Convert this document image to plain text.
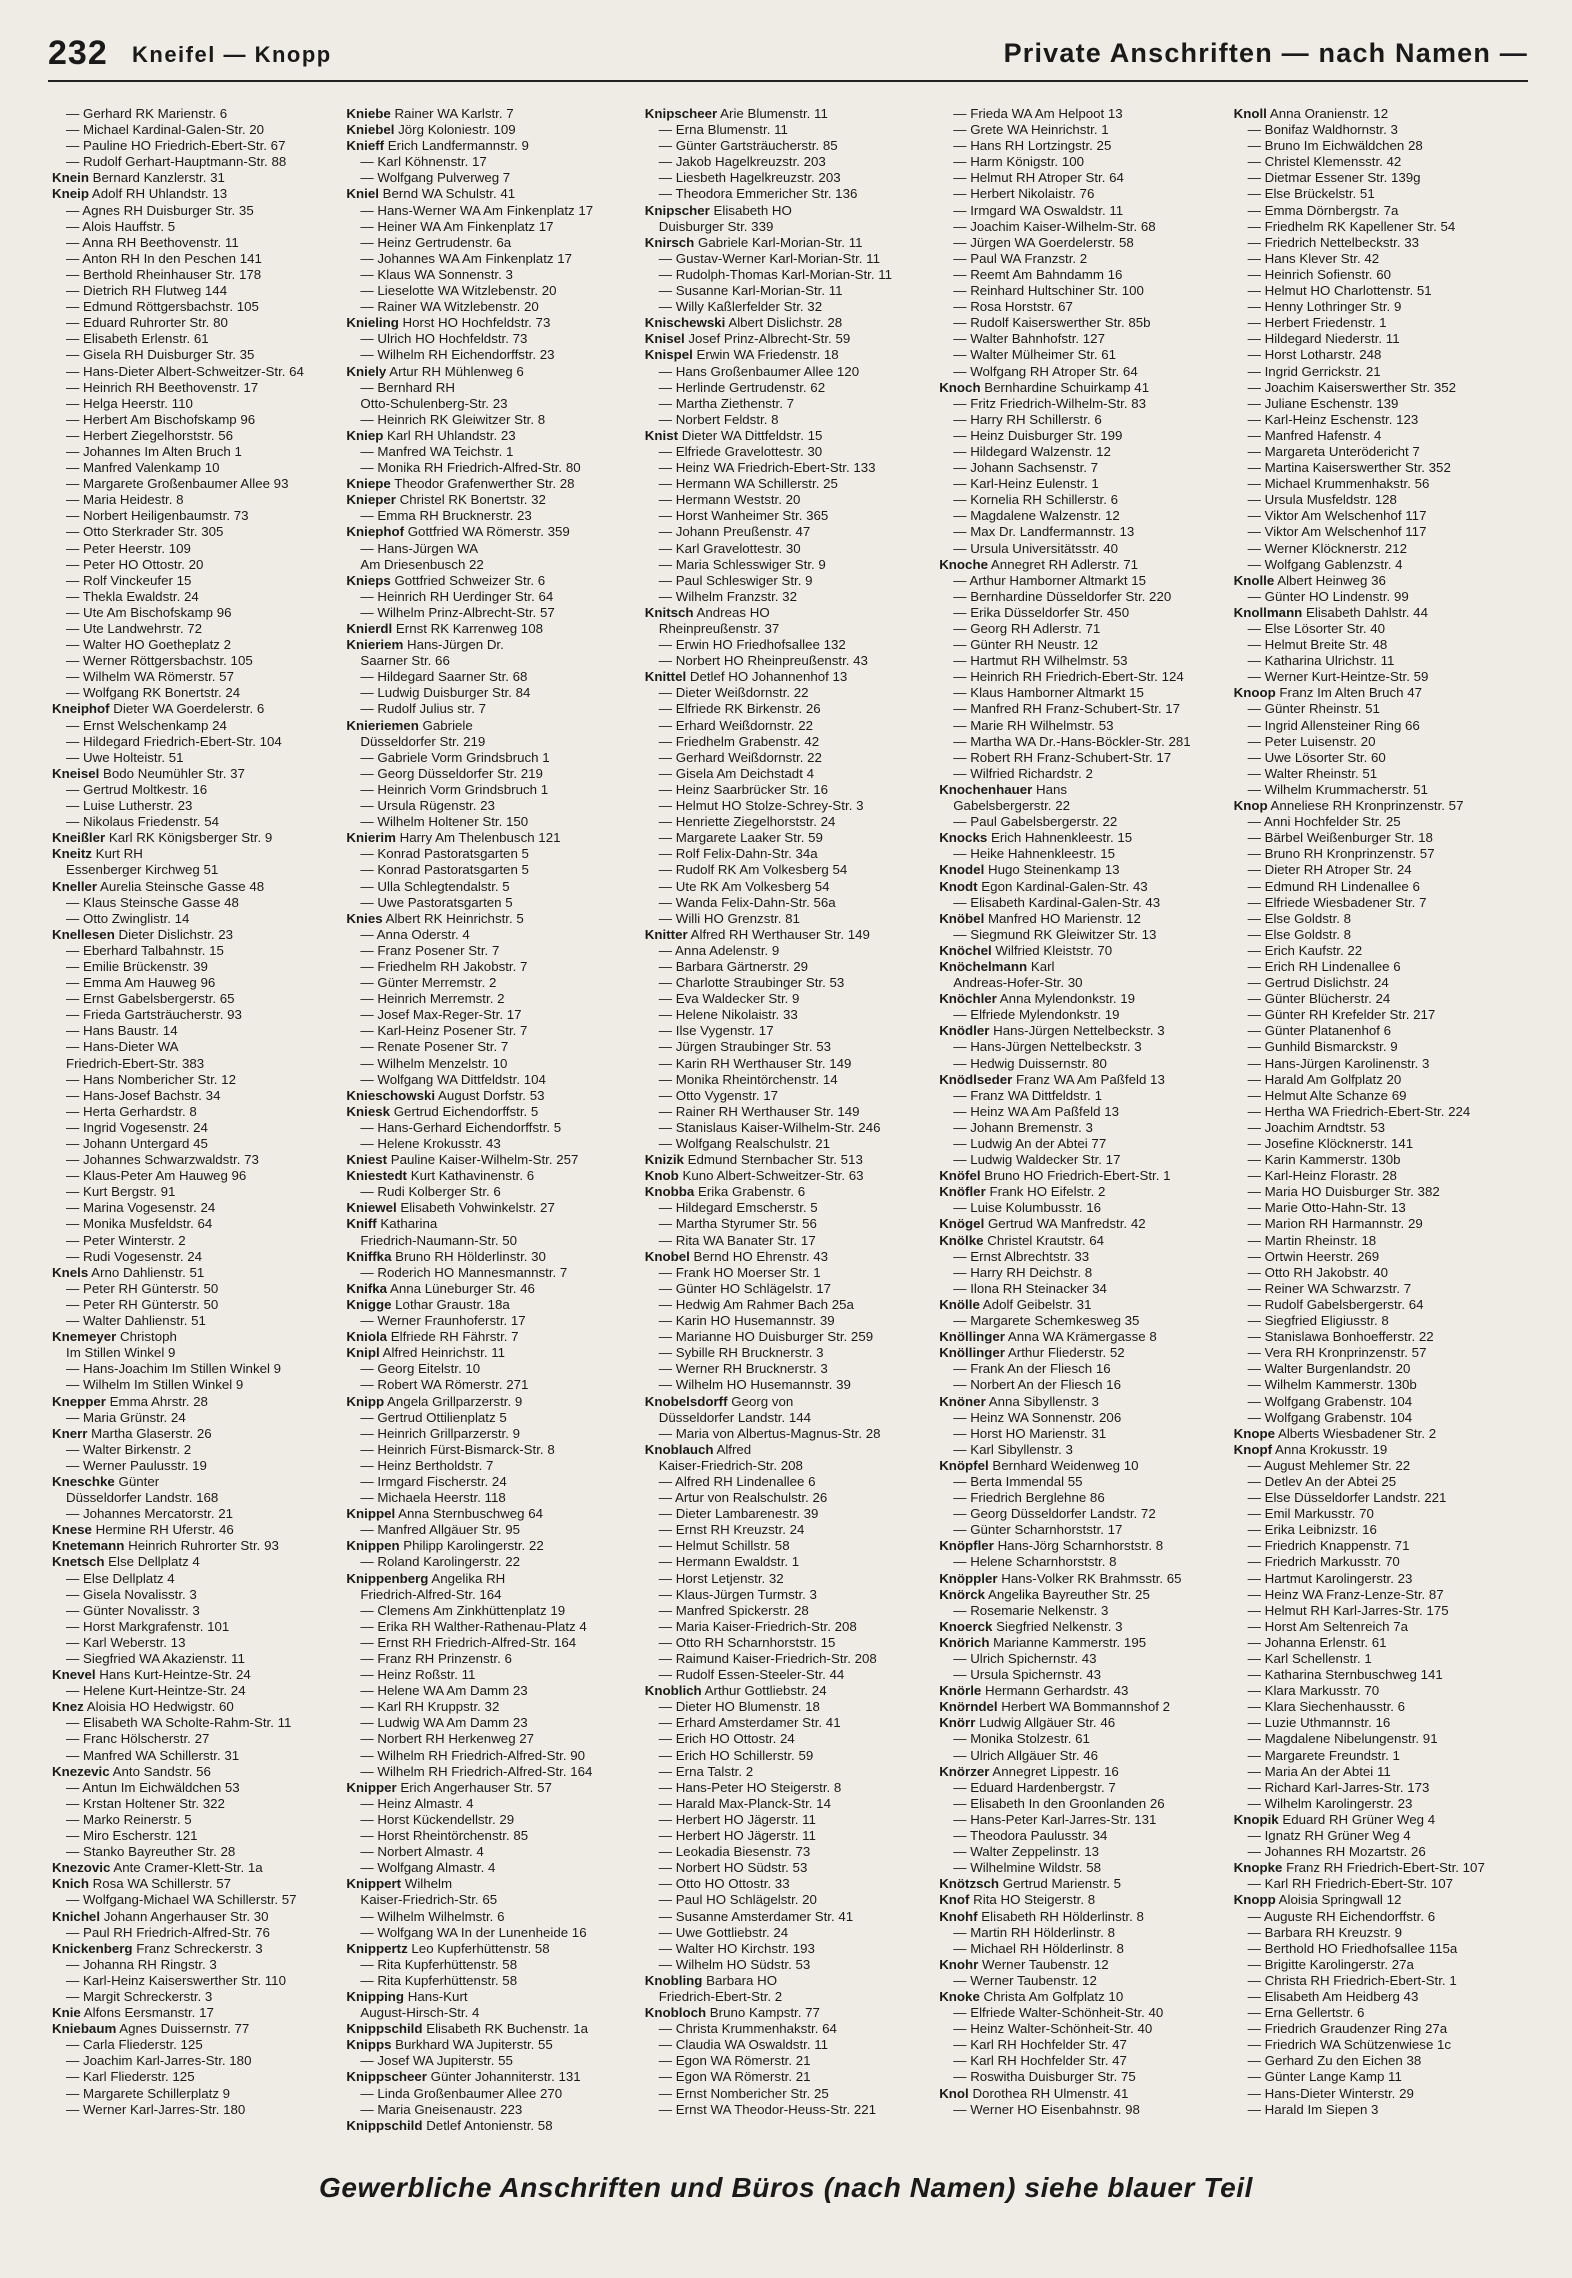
232 Kneifel — Knopp	Private Anschriften — nach Namen —
— Gerhard RK Marienstr. 6
— Michael Kardinal-Galen-Str. 20
— Pauline HO Friedrich-Ebert-Str. 67
— Rudolf Gerhart-Hauptmann-Str. 88
Knein Bernard Kanzlerstr. 31
Kneip Adolf RH Uhlandstr. 13
— Agnes RH Duisburger Str. 35
— Alois Hauffstr. 5
— Anna RH Beethovenstr. 11
— Anton RH In den Peschen 141
— Berthold Rheinhauser Str. 178
— Dietrich RH Flutweg 144
— Edmund Röttgersbachstr. 105
— Eduard Ruhrorter Str. 80
— Elisabeth Erlenstr. 61
— Gisela RH Duisburger Str. 35
— Hans-Dieter Albert-Schweitzer-Str. 64
— Heinrich RH Beethovenstr. 17
— Helga Heerstr. 110
— Herbert Am Bischofskamp 96
— Herbert Ziegelhorststr. 56
— Johannes Im Alten Bruch 1
— Manfred Valenkamp 10
— Margarete Großenbaumer Allee 93
— Maria Heidestr. 8
— Norbert Heiligenbaumstr. 73
— Otto Sterkrader Str. 305
— Peter Heerstr. 109
— Peter HO Ottostr. 20
— Rolf Vinckeufer 15
— Thekla Ewaldstr. 24
— Ute Am Bischofskamp 96
— Ute Landwehrstr. 72
— Walter HO Goetheplatz 2
— Werner Röttgersbachstr. 105
— Wilhelm WA Römerstr. 57
— Wolfgang RK Bonertstr. 24
Kneiphof Dieter WA Goerdelerstr. 6
— Ernst Welschenkamp 24
— Hildegard Friedrich-Ebert-Str. 104
— Uwe Holteistr. 51
Kneisel Bodo Neumühler Str. 37
— Gertrud Moltkestr. 16
— Luise Lutherstr. 23
— Nikolaus Friedenstr. 54
Kneißler Karl RK Königsberger Str. 9
Kneitz Kurt RH
Essenberger Kirchweg 51
Kneller Aurelia Steinsche Gasse 48
— Klaus Steinsche Gasse 48
— Otto Zwinglistr. 14
Knellesen Dieter Dislichstr. 23
— Eberhard Talbahnstr. 15
— Emilie Brückenstr. 39
— Emma Am Hauweg 96
— Ernst Gabelsbergerstr. 65
— Frieda Gartsträucherstr. 93
— Hans Baustr. 14
— Hans-Dieter WA
Friedrich-Ebert-Str. 383
— Hans Nombericher Str. 12
— Hans-Josef Bachstr. 34
— Herta Gerhardstr. 8
— Ingrid Vogesenstr. 24
— Johann Untergard 45
— Johannes Schwarzwaldstr. 73
— Klaus-Peter Am Hauweg 96
— Kurt Bergstr. 91
— Marina Vogesenstr. 24
— Monika Musfeldstr. 64
— Peter Winterstr. 2
— Rudi Vogesenstr. 24
Knels Arno Dahlienstr. 51
— Peter RH Günterstr. 50
— Peter RH Günterstr. 50
— Walter Dahlienstr. 51
Knemeyer Christoph
Im Stillen Winkel 9
— Hans-Joachim Im Stillen Winkel 9
— Wilhelm Im Stillen Winkel 9
Knepper Emma Ahrstr. 28
— Maria Grünstr. 24
Knerr Martha Glaserstr. 26
— Walter Birkenstr. 2
— Werner Paulusstr. 19
Kneschke Günter
Düsseldorfer Landstr. 168
— Johannes Mercatorstr. 21
Knese Hermine RH Uferstr. 46
Knetemann Heinrich Ruhrorter Str. 93
Knetsch Else Dellplatz 4
— Else Dellplatz 4
— Gisela Novalisstr. 3
— Günter Novalisstr. 3
— Horst Markgrafenstr. 101
— Karl Weberstr. 13
— Siegfried WA Akazienstr. 11
Knevel Hans Kurt-Heintze-Str. 24
— Helene Kurt-Heintze-Str. 24
Knez Aloisia HO Hedwigstr. 60
— Elisabeth WA Scholte-Rahm-Str. 11
— Franc Hölscherstr. 27
— Manfred WA Schillerstr. 31
Knezevic Anto Sandstr. 56
— Antun Im Eichwäldchen 53
— Krstan Holtener Str. 322
— Marko Reinerstr. 5
— Miro Escherstr. 121
— Stanko Bayreuther Str. 28
Knezovic Ante Cramer-Klett-Str. 1a
Knich Rosa WA Schillerstr. 57
— Wolfgang-Michael WA Schillerstr. 57
Knichel Johann Angerhauser Str. 30
— Paul RH Friedrich-Alfred-Str. 76
Knickenberg Franz Schreckerstr. 3
— Johanna RH Ringstr. 3
— Karl-Heinz Kaiserswerther Str. 110
— Margit Schreckerstr. 3
Knie Alfons Eersmanstr. 17
Kniebaum Agnes Duissernstr. 77
— Carla Fliederstr. 125
— Joachim Karl-Jarres-Str. 180
— Karl Fliederstr. 125
— Margarete Schillerplatz 9
— Werner Karl-Jarres-Str. 180
Kniebe Rainer WA Karlstr. 7
Kniebel Jörg Koloniestr. 109
Knieff Erich Landfermannstr. 9
— Karl Köhnenstr. 17
— Wolfgang Pulverweg 7
Kniel Bernd WA Schulstr. 41
— Hans-Werner WA Am Finkenplatz 17
— Heiner WA Am Finkenplatz 17
— Heinz Gertrudenstr. 6a
— Johannes WA Am Finkenplatz 17
— Klaus WA Sonnenstr. 3
— Lieselotte WA Witzlebenstr. 20
— Rainer WA Witzlebenstr. 20
Knieling Horst HO Hochfeldstr. 73
— Ulrich HO Hochfeldstr. 73
— Wilhelm RH Eichendorffstr. 23
Kniely Artur RH Mühlenweg 6
— Bernhard RH
Otto-Schulenberg-Str. 23
— Heinrich RK Gleiwitzer Str. 8
Kniep Karl RH Uhlandstr. 23
— Manfred WA Teichstr. 1
— Monika RH Friedrich-Alfred-Str. 80
Kniepe Theodor Grafenwerther Str. 28
Knieper Christel RK Bonertstr. 32
— Emma RH Brucknerstr. 23
Kniephof Gottfried WA Römerstr. 359
— Hans-Jürgen WA
Am Driesenbusch 22
Knieps Gottfried Schweizer Str. 6
— Heinrich RH Uerdinger Str. 64
— Wilhelm Prinz-Albrecht-Str. 57
Knierdl Ernst RK Karrenweg 108
Knieriem Hans-Jürgen Dr.
Saarner Str. 66
— Hildegard Saarner Str. 68
— Ludwig Duisburger Str. 84
— Rudolf Julius str. 7
Knieriemen Gabriele
Düsseldorfer Str. 219
— Gabriele Vorm Grindsbruch 1
— Georg Düsseldorfer Str. 219
— Heinrich Vorm Grindsbruch 1
— Ursula Rügenstr. 23
— Wilhelm Holtener Str. 150
Knierim Harry Am Thelenbusch 121
— Konrad Pastoratsgarten 5
— Konrad Pastoratsgarten 5
— Ulla Schlegtendalstr. 5
— Uwe Pastoratsgarten 5
Knies Albert RK Heinrichstr. 5
— Anna Oderstr. 4
— Franz Posener Str. 7
— Friedhelm RH Jakobstr. 7
— Günter Merremstr. 2
— Heinrich Merremstr. 2
— Josef Max-Reger-Str. 17
— Karl-Heinz Posener Str. 7
— Renate Posener Str. 7
— Wilhelm Menzelstr. 10
— Wolfgang WA Dittfeldstr. 104
Knieschowski August Dorfstr. 53
Kniesk Gertrud Eichendorffstr. 5
— Hans-Gerhard Eichendorffstr. 5
— Helene Krokusstr. 43
Kniest Pauline Kaiser-Wilhelm-Str. 257
Kniestedt Kurt Kathavinenstr. 6
— Rudi Kolberger Str. 6
Kniewel Elisabeth Vohwinkelstr. 27
Kniff Katharina
Friedrich-Naumann-Str. 50
Kniffka Bruno RH Hölderlinstr. 30
— Roderich HO Mannesmannstr. 7
Knifka Anna Lüneburger Str. 46
Knigge Lothar Graustr. 18a
— Werner Fraunhoferstr. 17
Kniola Elfriede RH Fährstr. 7
Knipl Alfred Heinrichstr. 11
— Georg Eitelstr. 10
— Robert WA Römerstr. 271
Knipp Angela Grillparzerstr. 9
— Gertrud Ottilienplatz 5
— Heinrich Grillparzerstr. 9
— Heinrich Fürst-Bismarck-Str. 8
— Heinz Bertholdstr. 7
— Irmgard Fischerstr. 24
— Michaela Heerstr. 118
Knippel Anna Sternbuschweg 64
— Manfred Allgäuer Str. 95
Knippen Philipp Karolingerstr. 22
— Roland Karolingerstr. 22
Knippenberg Angelika RH
Friedrich-Alfred-Str. 164
— Clemens Am Zinkhüttenplatz 19
— Erika RH Walther-Rathenau-Platz 4
— Ernst RH Friedrich-Alfred-Str. 164
— Franz RH Prinzenstr. 6
— Heinz Roßstr. 11
— Helene WA Am Damm 23
— Karl RH Kruppstr. 32
— Ludwig WA Am Damm 23
— Norbert RH Herkenweg 27
— Wilhelm RH Friedrich-Alfred-Str. 90
— Wilhelm RH Friedrich-Alfred-Str. 164
Knipper Erich Angerhauser Str. 57
— Heinz Almastr. 4
— Horst Kückendellstr. 29
— Horst Rheintörchenstr. 85
— Norbert Almastr. 4
— Wolfgang Almastr. 4
Knippert Wilhelm
Kaiser-Friedrich-Str. 65
— Wilhelm Wilhelmstr. 6
— Wolfgang WA In der Lunenheide 16
Knippertz Leo Kupferhüttenstr. 58
— Rita Kupferhüttenstr. 58
— Rita Kupferhüttenstr. 58
Knipping Hans-Kurt
August-Hirsch-Str. 4
Knippschild Elisabeth RK Buchenstr. 1a
Knipps Burkhard WA Jupiterstr. 55
— Josef WA Jupiterstr. 55
Knippscheer Günter Johanniterstr. 131
— Linda Großenbaumer Allee 270
— Maria Gneisenaustr. 223
Knippschild Detlef Antonienstr. 58
Knipscheer Arie Blumenstr. 11
— Erna Blumenstr. 11
— Günter Gartsträucherstr. 85
— Jakob Hagelkreuzstr. 203
— Liesbeth Hagelkreuzstr. 203
— Theodora Emmericher Str. 136
Knipscher Elisabeth HO
Duisburger Str. 339
Knirsch Gabriele Karl-Morian-Str. 11
— Gustav-Werner Karl-Morian-Str. 11
— Rudolph-Thomas Karl-Morian-Str. 11
— Susanne Karl-Morian-Str. 11
— Willy Kaßlerfelder Str. 32
Knischewski Albert Dislichstr. 28
Knisel Josef Prinz-Albrecht-Str. 59
Knispel Erwin WA Friedenstr. 18
— Hans Großenbaumer Allee 120
— Herlinde Gertrudenstr. 62
— Martha Ziethenstr. 7
— Norbert Feldstr. 8
Knist Dieter WA Dittfeldstr. 15
— Elfriede Gravelottestr. 30
— Heinz WA Friedrich-Ebert-Str. 133
— Hermann WA Schillerstr. 25
— Hermann Weststr. 20
— Horst Wanheimer Str. 365
— Johann Preußenstr. 47
— Karl Gravelottestr. 30
— Maria Schlesswiger Str. 9
— Paul Schleswiger Str. 9
— Wilhelm Franzstr. 32
Knitsch Andreas HO
Rheinpreußenstr. 37
— Erwin HO Friedhofsallee 132
— Norbert HO Rheinpreußenstr. 43
Knittel Detlef HO Johannenhof 13
— Dieter Weißdornstr. 22
— Elfriede RK Birkenstr. 26
— Erhard Weißdornstr. 22
— Friedhelm Grabenstr. 42
— Gerhard Weißdornstr. 22
— Gisela Am Deichstadt 4
— Heinz Saarbrücker Str. 16
— Helmut HO Stolze-Schrey-Str. 3
— Henriette Ziegelhorststr. 24
— Margarete Laaker Str. 59
— Rolf Felix-Dahn-Str. 34a
— Rudolf RK Am Volkesberg 54
— Ute RK Am Volkesberg 54
— Wanda Felix-Dahn-Str. 56a
— Willi HO Grenzstr. 81
Knitter Alfred RH Werthauser Str. 149
— Anna Adelenstr. 9
— Barbara Gärtnerstr. 29
— Charlotte Straubinger Str. 53
— Eva Waldecker Str. 9
— Helene Nikolaistr. 33
— Ilse Vygenstr. 17
— Jürgen Straubinger Str. 53
— Karin RH Werthauser Str. 149
— Monika Rheintörchenstr. 14
— Otto Vygenstr. 17
— Rainer RH Werthauser Str. 149
— Stanislaus Kaiser-Wilhelm-Str. 246
— Wolfgang Realschulstr. 21
Knizik Edmund Sternbacher Str. 513
Knob Kuno Albert-Schweitzer-Str. 63
Knobba Erika Grabenstr. 6
— Hildegard Emscherstr. 5
— Martha Styrumer Str. 56
— Rita WA Banater Str. 17
Knobel Bernd HO Ehrenstr. 43
— Frank HO Moerser Str. 1
— Günter HO Schlägelstr. 17
— Hedwig Am Rahmer Bach 25a
— Karin HO Husemannstr. 39
— Marianne HO Duisburger Str. 259
— Sybille RH Brucknerstr. 3
— Werner RH Brucknerstr. 3
— Wilhelm HO Husemannstr. 39
Knobelsdorff Georg von
Düsseldorfer Landstr. 144
— Maria von Albertus-Magnus-Str. 28
Knoblauch Alfred
Kaiser-Friedrich-Str. 208
— Alfred RH Lindenallee 6
— Artur von Realschulstr. 26
— Dieter Lambarenestr. 39
— Ernst RH Kreuzstr. 24
— Helmut Schillstr. 58
— Hermann Ewaldstr. 1
— Horst Letjenstr. 32
— Klaus-Jürgen Turmstr. 3
— Manfred Spickerstr. 28
— Maria Kaiser-Friedrich-Str. 208
— Otto RH Scharnhorststr. 15
— Raimund Kaiser-Friedrich-Str. 208
— Rudolf Essen-Steeler-Str. 44
Knoblich Arthur Gottliebstr. 24
— Dieter HO Blumenstr. 18
— Erhard Amsterdamer Str. 41
— Erich HO Ottostr. 24
— Erich HO Schillerstr. 59
— Erna Talstr. 2
— Hans-Peter HO Steigerstr. 8
— Harald Max-Planck-Str. 14
— Herbert HO Jägerstr. 11
— Herbert HO Jägerstr. 11
— Leokadia Biesenstr. 73
— Norbert HO Südstr. 53
— Otto HO Ottostr. 33
— Paul HO Schlägelstr. 20
— Susanne Amsterdamer Str. 41
— Uwe Gottliebstr. 24
— Walter HO Kirchstr. 193
— Wilhelm HO Südstr. 53
Knobling Barbara HO
Friedrich-Ebert-Str. 2
Knobloch Bruno Kampstr. 77
— Christa Krummenhakstr. 64
— Claudia WA Oswaldstr. 11
— Egon WA Römerstr. 21
— Egon WA Römerstr. 21
— Ernst Nombericher Str. 25
— Ernst WA Theodor-Heuss-Str. 221
— Frieda WA Am Helpoot 13
— Grete WA Heinrichstr. 1
— Hans RH Lortzingstr. 25
— Harm Königstr. 100
— Helmut RH Atroper Str. 64
— Herbert Nikolaistr. 76
— Irmgard WA Oswaldstr. 11
— Joachim Kaiser-Wilhelm-Str. 68
— Jürgen WA Goerdelerstr. 58
— Paul WA Franzstr. 2
— Reemt Am Bahndamm 16
— Reinhard Hultschiner Str. 100
— Rosa Horststr. 67
— Rudolf Kaiserswerther Str. 85b
— Walter Bahnhofstr. 127
— Walter Mülheimer Str. 61
— Wolfgang RH Atroper Str. 64
Knoch Bernhardine Schuirkamp 41
— Fritz Friedrich-Wilhelm-Str. 83
— Harry RH Schillerstr. 6
— Heinz Duisburger Str. 199
— Hildegard Walzenstr. 12
— Johann Sachsenstr. 7
— Karl-Heinz Eulenstr. 1
— Kornelia RH Schillerstr. 6
— Magdalene Walzenstr. 12
— Max Dr. Landfermannstr. 13
— Ursula Universitätsstr. 40
Knoche Annegret RH Adlerstr. 71
— Arthur Hamborner Altmarkt 15
— Bernhardine Düsseldorfer Str. 220
— Erika Düsseldorfer Str. 450
— Georg RH Adlerstr. 71
— Günter RH Neustr. 12
— Hartmut RH Wilhelmstr. 53
— Heinrich RH Friedrich-Ebert-Str. 124
— Klaus Hamborner Altmarkt 15
— Manfred RH Franz-Schubert-Str. 17
— Marie RH Wilhelmstr. 53
— Martha WA Dr.-Hans-Böckler-Str. 281
— Robert RH Franz-Schubert-Str. 17
— Wilfried Richardstr. 2
Knochenhauer Hans
Gabelsbergerstr. 22
— Paul Gabelsbergerstr. 22
Knocks Erich Hahnenkleestr. 15
— Heike Hahnenkleestr. 15
Knodel Hugo Steinenkamp 13
Knodt Egon Kardinal-Galen-Str. 43
— Elisabeth Kardinal-Galen-Str. 43
Knöbel Manfred HO Marienstr. 12
— Siegmund RK Gleiwitzer Str. 13
Knöchel Wilfried Kleiststr. 70
Knöchelmann Karl
Andreas-Hofer-Str. 30
Knöchler Anna Mylendonkstr. 19
— Elfriede Mylendonkstr. 19
Knödler Hans-Jürgen Nettelbeckstr. 3
— Hans-Jürgen Nettelbeckstr. 3
— Hedwig Duissernstr. 80
Knödlseder Franz WA Am Paßfeld 13
— Franz WA Dittfeldstr. 1
— Heinz WA Am Paßfeld 13
— Johann Bremenstr. 3
— Ludwig An der Abtei 77
— Ludwig Waldecker Str. 17
Knöfel Bruno HO Friedrich-Ebert-Str. 1
Knöfler Frank HO Eifelstr. 2
— Luise Kolumbusstr. 16
Knögel Gertrud WA Manfredstr. 42
Knölke Christel Krautstr. 64
— Ernst Albrechtstr. 33
— Harry RH Deichstr. 8
— Ilona RH Steinacker 34
Knölle Adolf Geibelstr. 31
— Margarete Schemkesweg 35
Knöllinger Anna WA Krämergasse 8
Knöllinger Arthur Fliederstr. 52
— Frank An der Fliesch 16
— Norbert An der Fliesch 16
Knöner Anna Sibyllenstr. 3
— Heinz WA Sonnenstr. 206
— Horst HO Marienstr. 31
— Karl Sibyllenstr. 3
Knöpfel Bernhard Weidenweg 10
— Berta Immendal 55
— Friedrich Berglehne 86
— Georg Düsseldorfer Landstr. 72
— Günter Scharnhorststr. 17
Knöpfler Hans-Jörg Scharnhorststr. 8
— Helene Scharnhorststr. 8
Knöppler Hans-Volker RK Brahmsstr. 65
Knörck Angelika Bayreuther Str. 25
— Rosemarie Nelkenstr. 3
Knoerck Siegfried Nelkenstr. 3
Knörich Marianne Kammerstr. 195
— Ulrich Spichernstr. 43
— Ursula Spichernstr. 43
Knörle Hermann Gerhardstr. 43
Knörndel Herbert WA Bommannshof 2
Knörr Ludwig Allgäuer Str. 46
— Monika Stolzestr. 61
— Ulrich Allgäuer Str. 46
Knörzer Annegret Lippestr. 16
— Eduard Hardenbergstr. 7
— Elisabeth In den Groonlanden 26
— Hans-Peter Karl-Jarres-Str. 131
— Theodora Paulusstr. 34
— Walter Zeppelinstr. 13
— Wilhelmine Wildstr. 58
Knötzsch Gertrud Marienstr. 5
Knof Rita HO Steigerstr. 8
Knohf Elisabeth RH Hölderlinstr. 8
— Martin RH Hölderlinstr. 8
— Michael RH Hölderlinstr. 8
Knohr Werner Taubenstr. 12
— Werner Taubenstr. 12
Knoke Christa Am Golfplatz 10
— Elfriede Walter-Schönheit-Str. 40
— Heinz Walter-Schönheit-Str. 40
— Karl RH Hochfelder Str. 47
— Karl RH Hochfelder Str. 47
— Roswitha Duisburger Str. 75
Knol Dorothea RH Ulmenstr. 41
— Werner HO Eisenbahnstr. 98
Knoll Anna Oranienstr. 12
— Bonifaz Waldhornstr. 3
— Bruno Im Eichwäldchen 28
— Christel Klemensstr. 42
— Dietmar Essener Str. 139g
— Else Brückelstr. 51
— Emma Dörnbergstr. 7a
— Friedhelm RK Kapellener Str. 54
— Friedrich Nettelbeckstr. 33
— Hans Klever Str. 42
— Heinrich Sofienstr. 60
— Helmut HO Charlottenstr. 51
— Henny Lothringer Str. 9
— Herbert Friedenstr. 1
— Hildegard Niederstr. 11
— Horst Lotharstr. 248
— Ingrid Gerrickstr. 21
— Joachim Kaiserswerther Str. 352
— Juliane Eschenstr. 139
— Karl-Heinz Eschenstr. 123
— Manfred Hafenstr. 4
— Margareta Unterödericht 7
— Martina Kaiserswerther Str. 352
— Michael Krummenhakstr. 56
— Ursula Musfeldstr. 128
— Viktor Am Welschenhof 117
— Viktor Am Welschenhof 117
— Werner Klöcknerstr. 212
— Wolfgang Gablenzstr. 4
Knolle Albert Heinweg 36
— Günter HO Lindenstr. 99
Knollmann Elisabeth Dahlstr. 44
— Else Lösorter Str. 40
— Helmut Breite Str. 48
— Katharina Ulrichstr. 11
— Werner Kurt-Heintze-Str. 59
Knoop Franz Im Alten Bruch 47
— Günter Rheinstr. 51
— Ingrid Allensteiner Ring 66
— Peter Luisenstr. 20
— Uwe Lösorter Str. 60
— Walter Rheinstr. 51
— Wilhelm Krummacherstr. 51
Knop Anneliese RH Kronprinzenstr. 57
— Anni Hochfelder Str. 25
— Bärbel Weißenburger Str. 18
— Bruno RH Kronprinzenstr. 57
— Dieter RH Atroper Str. 24
— Edmund RH Lindenallee 6
— Elfriede Wiesbadener Str. 7
— Else Goldstr. 8
— Else Goldstr. 8
— Erich Kaufstr. 22
— Erich RH Lindenallee 6
— Gertrud Dislichstr. 24
— Günter Blücherstr. 24
— Günter RH Krefelder Str. 217
— Günter Platanenhof 6
— Gunhild Bismarckstr. 9
— Hans-Jürgen Karolinenstr. 3
— Harald Am Golfplatz 20
— Helmut Alte Schanze 69
— Hertha WA Friedrich-Ebert-Str. 224
— Joachim Arndtstr. 53
— Josefine Klöcknerstr. 141
— Karin Kammerstr. 130b
— Karl-Heinz Florastr. 28
— Maria HO Duisburger Str. 382
— Marie Otto-Hahn-Str. 13
— Marion RH Harmannstr. 29
— Martin Rheinstr. 18
— Ortwin Heerstr. 269
— Otto RH Jakobstr. 40
— Reiner WA Schwarzstr. 7
— Rudolf Gabelsbergerstr. 64
— Siegfried Eligiusstr. 8
— Stanislawa Bonhoefferstr. 22
— Vera RH Kronprinzenstr. 57
— Walter Burgenlandstr. 20
— Wilhelm Kammerstr. 130b
— Wolfgang Grabenstr. 104
— Wolfgang Grabenstr. 104
Knope Alberts Wiesbadener Str. 2
Knopf Anna Krokusstr. 19
— August Mehlemer Str. 22
— Detlev An der Abtei 25
— Else Düsseldorfer Landstr. 221
— Emil Markusstr. 70
— Erika Leibnizstr. 16
— Friedrich Knappenstr. 71
— Friedrich Markusstr. 70
— Hartmut Karolingerstr. 23
— Heinz WA Franz-Lenze-Str. 87
— Helmut RH Karl-Jarres-Str. 175
— Horst Am Seltenreich 7a
— Johanna Erlenstr. 61
— Karl Schellenstr. 1
— Katharina Sternbuschweg 141
— Klara Markusstr. 70
— Klara Siechenhausstr. 6
— Luzie Uthmannstr. 16
— Magdalene Nibelungenstr. 91
— Margarete Freundstr. 1
— Maria An der Abtei 11
— Richard Karl-Jarres-Str. 173
— Wilhelm Karolingerstr. 23
Knopik Eduard RH Grüner Weg 4
— Ignatz RH Grüner Weg 4
— Johannes RH Mozartstr. 26
Knopke Franz RH Friedrich-Ebert-Str. 107
— Karl RH Friedrich-Ebert-Str. 107
Knopp Aloisia Springwall 12
— Auguste RH Eichendorffstr. 6
— Barbara RH Kreuzstr. 9
— Berthold HO Friedhofsallee 115a
— Brigitte Karolingerstr. 27a
— Christa RH Friedrich-Ebert-Str. 1
— Elisabeth Am Heidberg 43
— Erna Gellertstr. 6
— Friedrich Graudenzer Ring 27a
— Friedrich WA Schützenwiese 1c
— Gerhard Zu den Eichen 38
— Günter Lange Kamp 11
— Hans-Dieter Winterstr. 29
— Harald Im Siepen 3
Gewerbliche Anschriften und Büros (nach Namen) siehe blauer Teil
